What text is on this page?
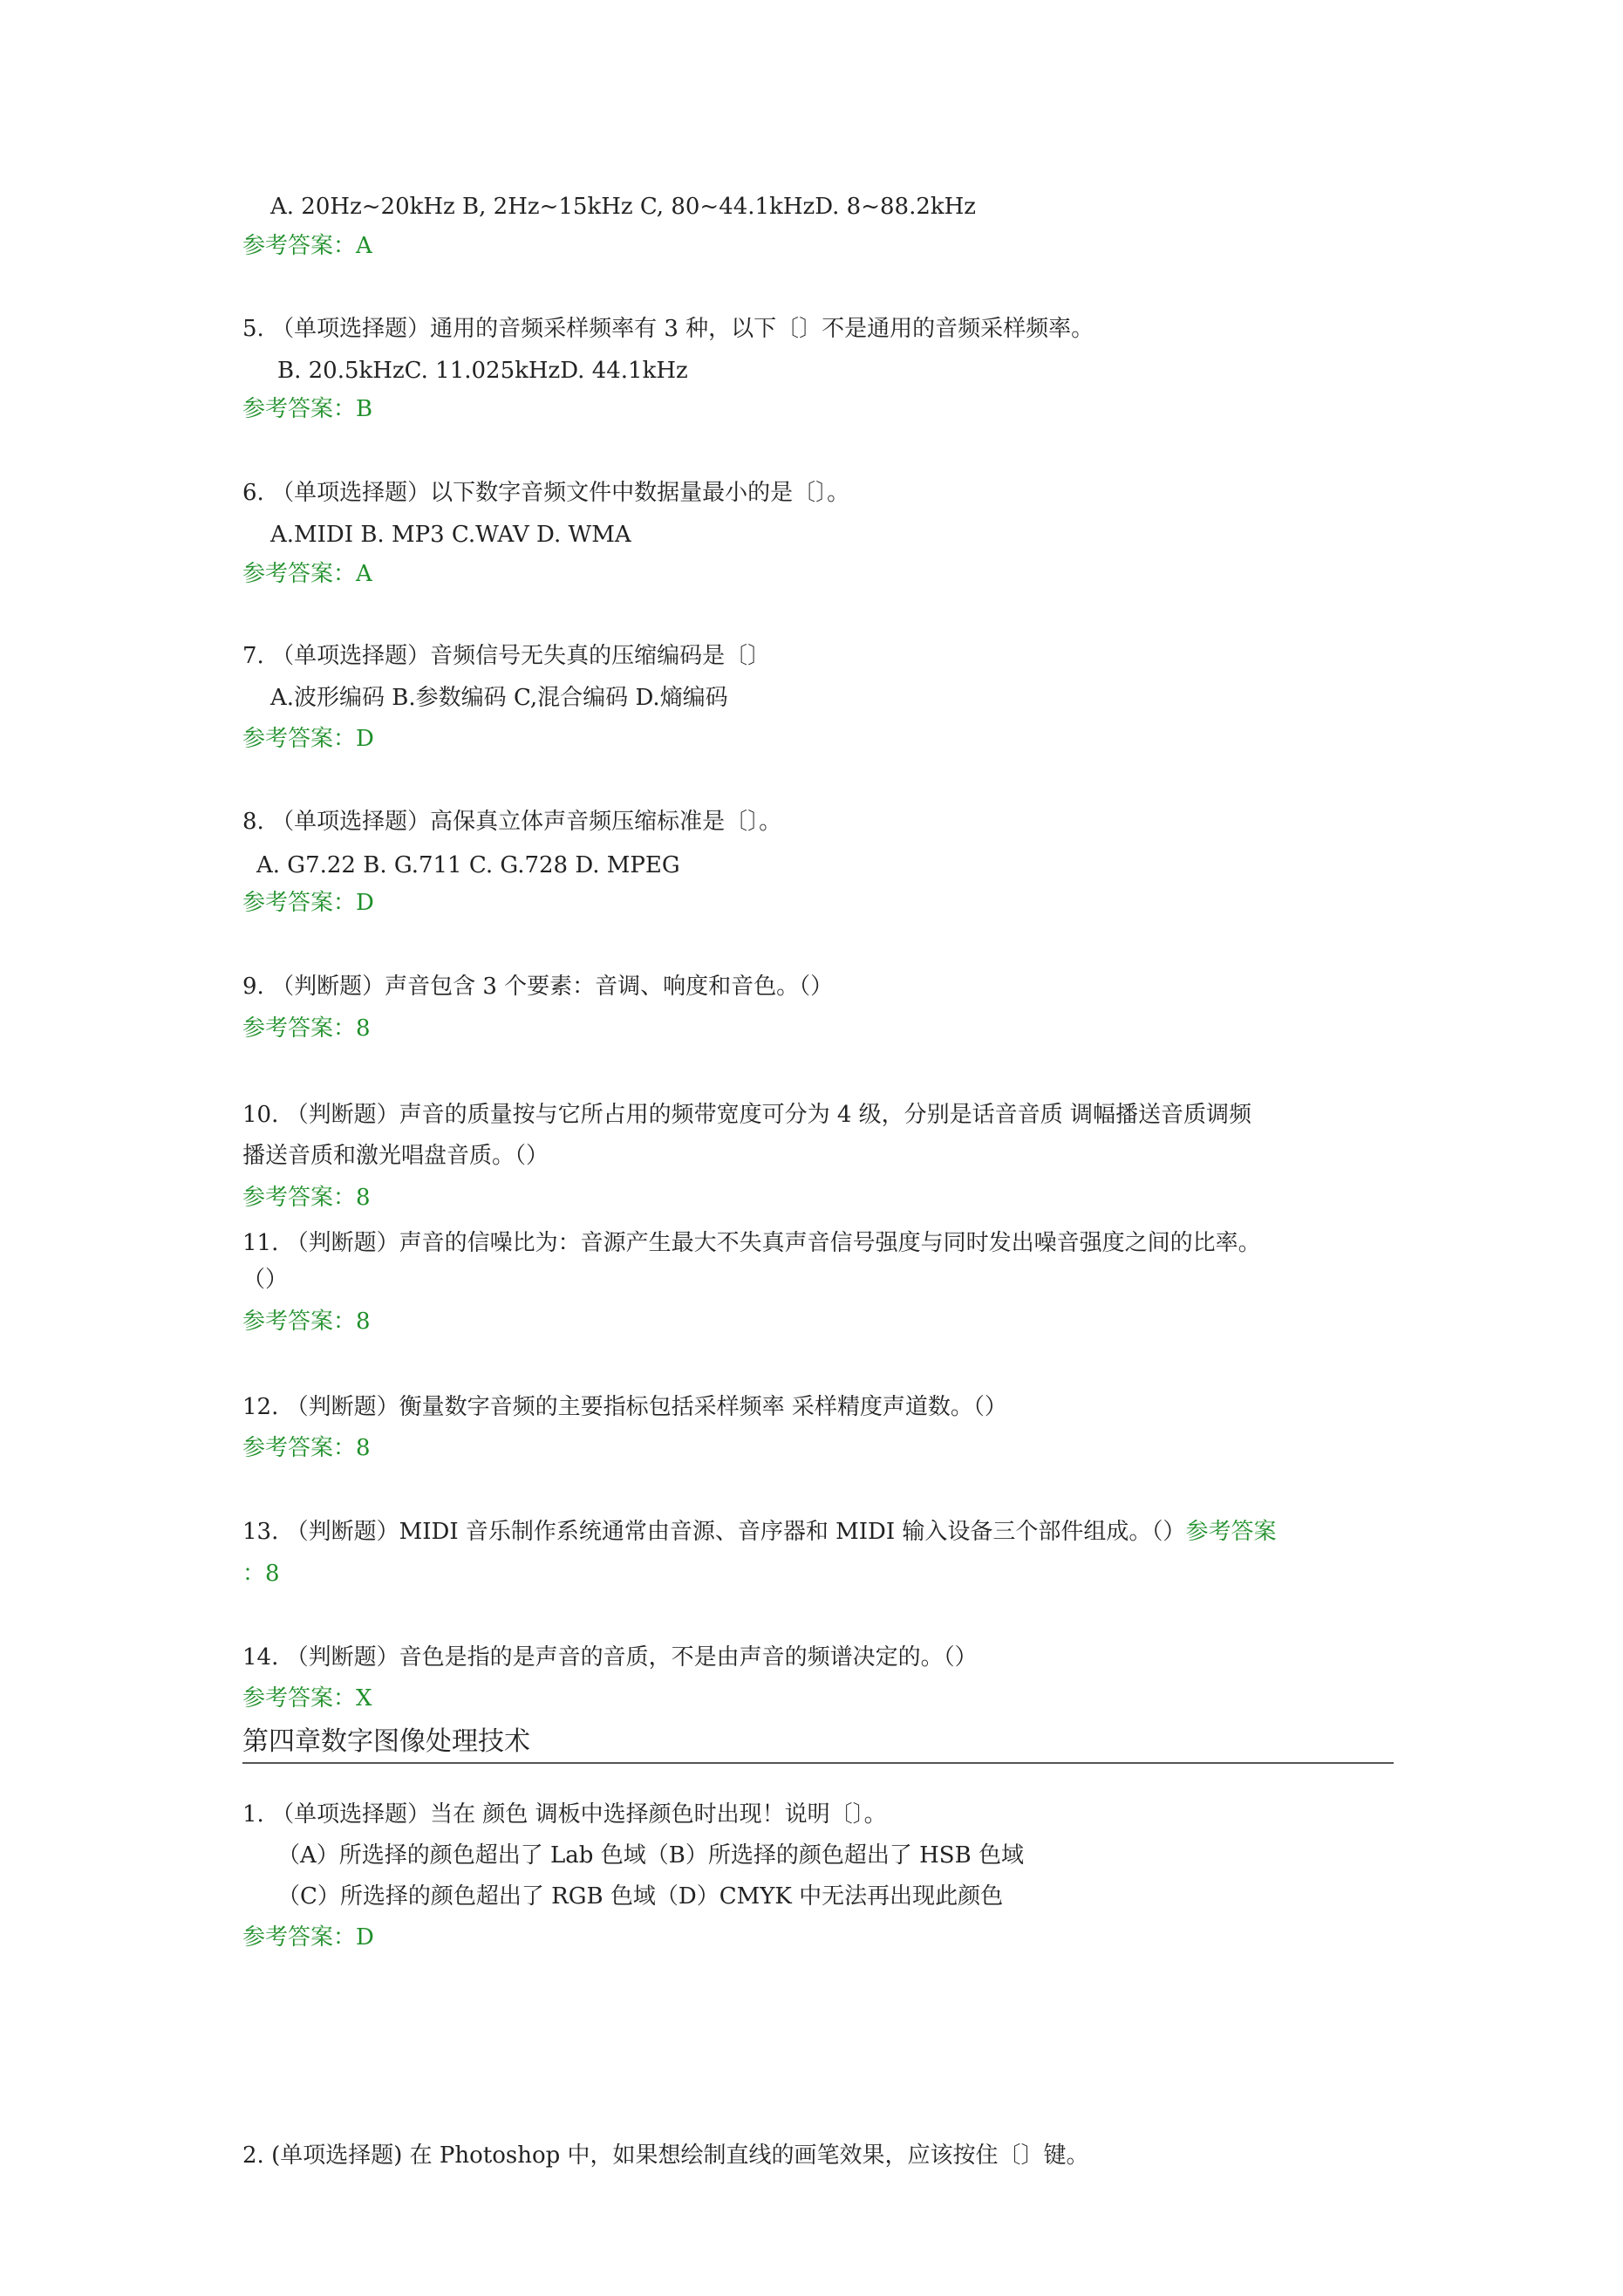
A. 20Hz~20kHz B, 2Hz~15kHz C, 80~44.1kHzD. 8~88.2kHz
参考答案：A
5. （单项选择题）通用的音频采样频率有 3 种，以下〔〕不是通用的音频采样频率。
B. 20.5kHzC. 11.025kHzD. 44.1kHz
参考答案：B
6. （单项选择题）以下数字音频文件中数据量最小的是〔〕。
A.MIDI B. MP3 C.WAV D. WMA
参考答案：A
7. （单项选择题）音频信号无失真的压缩编码是〔〕
A.波形编码 B.参数编码 C,混合编码 D.熵编码
参考答案：D
8. （单项选择题）高保真立体声音频压缩标准是〔〕。
A. G7.22 B. G.711 C. G.728 D. MPEG
参考答案：D
9. （判断题）声音包含 3 个要素：音调、响度和音色。（）
参考答案：8
10. （判断题）声音的质量按与它所占用的频带宽度可分为 4 级，分别是话音音质 调幅播送音质调频
播送音质和激光唱盘音质。（）
参考答案：8
11. （判断题）声音的信噪比为：音源产生最大不失真声音信号强度与同时发出噪音强度之间的比率。
（）
参考答案：8
12. （判断题）衡量数字音频的主要指标包括采样频率 采样精度声道数。（）
参考答案：8
13. （判断题）MIDI 音乐制作系统通常由音源、音序器和 MIDI 输入设备三个部件组成。（）参考答案
：8
14. （判断题）音色是指的是声音的音质，不是由声音的频谱决定的。（）
参考答案：X
第四章数字图像处理技术
1. （单项选择题）当在 颜色 调板中选择颜色时出现！说明〔〕。
（A）所选择的颜色超出了 Lab 色域（B）所选择的颜色超出了 HSB 色域
（C）所选择的颜色超出了 RGB 色域（D）CMYK 中无法再出现此颜色
参考答案：D
2. (单项选择题) 在 Photoshop 中，如果想绘制直线的画笔效果，应该按住〔〕键。
